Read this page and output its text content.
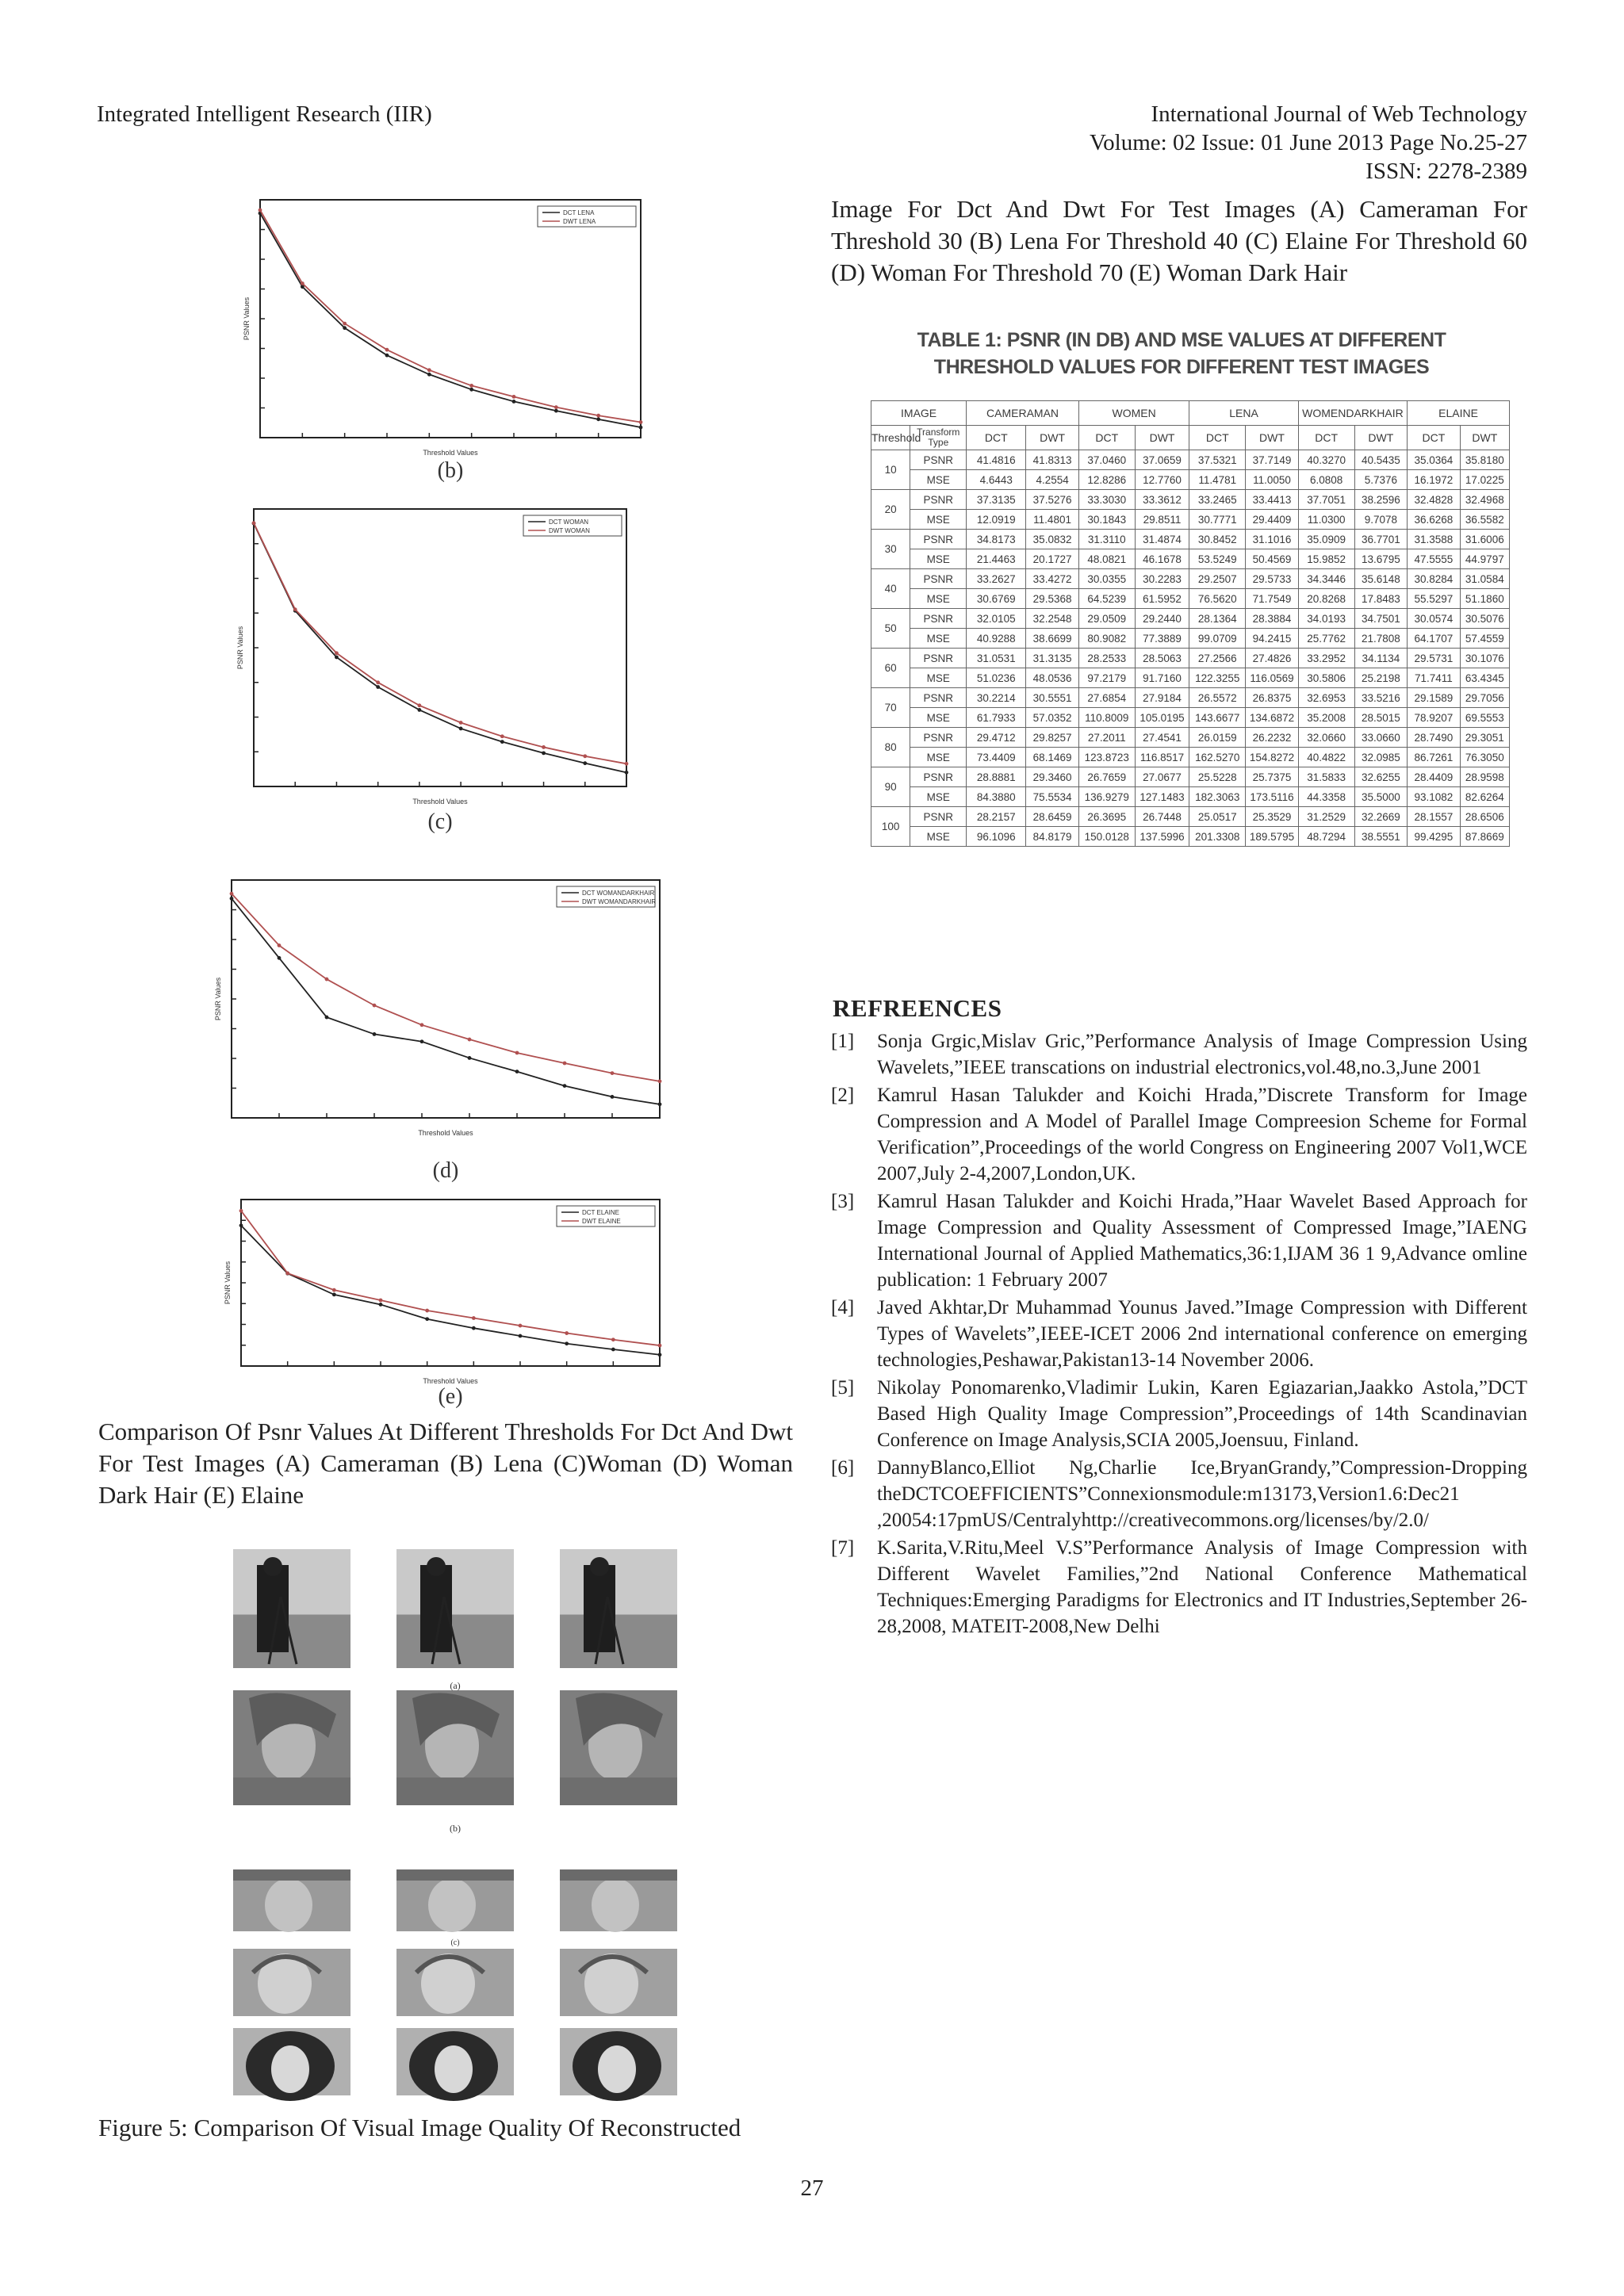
Integrated Intelligent Research (IIR)	International Journal of Web Technology
Volume: 02 Issue: 01 June 2013 Page No.25-27
ISSN: 2278-2389
Threshold Values
PSNR Values
DCT LENA
DWT LENA
(b)
Threshold Values
PSNR Values
DCT WOMAN
DWT WOMAN
(c)
Threshold Values
PSNR Values
DCT WOMANDARKHAIR
DWT WOMANDARKHAIR
(d)
Threshold Values
PSNR Values
DCT ELAINE
DWT ELAINE
(e)
Comparison Of Psnr Values At Different Thresholds For Dct And Dwt For Test Images (A) Cameraman (B) Lena (C)Woman (D) Woman Dark Hair (E) Elaine
(a)
(b)
(c)
Figure 5: Comparison Of Visual Image Quality Of Reconstructed
Image For Dct And Dwt For Test Images (A) Cameraman For Threshold 30 (B) Lena For Threshold 40 (C) Elaine For Threshold 60 (D) Woman For Threshold 70 (E) Woman Dark Hair
TABLE 1: PSNR (IN DB) AND MSE VALUES AT DIFFERENT
THRESHOLD VALUES FOR DIFFERENT TEST IMAGES
IMAGE		CAMERAMAN		WOMEN		LENA		WOMENDARKHAIR		ELAINE	
Threshold	Transform Type	DCT	DWT	DCT	DWT	DCT	DWT	DCT	DWT	DCT	DWT
10	PSNR	41.4816	41.8313	37.0460	37.0659	37.5321	37.7149	40.3270	40.5435	35.0364	35.8180
	MSE	4.6443	4.2554	12.8286	12.7760	11.4781	11.0050	6.0808	5.7376	16.1972	17.0225
20	PSNR	37.3135	37.5276	33.3030	33.3612	33.2465	33.4413	37.7051	38.2596	32.4828	32.4968
	MSE	12.0919	11.4801	30.1843	29.8511	30.7771	29.4409	11.0300	9.7078	36.6268	36.5582
30	PSNR	34.8173	35.0832	31.3110	31.4874	30.8452	31.1016	35.0909	36.7701	31.3588	31.6006
	MSE	21.4463	20.1727	48.0821	46.1678	53.5249	50.4569	15.9852	13.6795	47.5555	44.9797
40	PSNR	33.2627	33.4272	30.0355	30.2283	29.2507	29.5733	34.3446	35.6148	30.8284	31.0584
	MSE	30.6769	29.5368	64.5239	61.5952	76.5620	71.7549	20.8268	17.8483	55.5297	51.1860
50	PSNR	32.0105	32.2548	29.0509	29.2440	28.1364	28.3884	34.0193	34.7501	30.0574	30.5076
	MSE	40.9288	38.6699	80.9082	77.3889	99.0709	94.2415	25.7762	21.7808	64.1707	57.4559
60	PSNR	31.0531	31.3135	28.2533	28.5063	27.2566	27.4826	33.2952	34.1134	29.5731	30.1076
	MSE	51.0236	48.0536	97.2179	91.7160	122.3255	116.0569	30.5806	25.2198	71.7411	63.4345
70	PSNR	30.2214	30.5551	27.6854	27.9184	26.5572	26.8375	32.6953	33.5216	29.1589	29.7056
	MSE	61.7933	57.0352	110.8009	105.0195	143.6677	134.6872	35.2008	28.5015	78.9207	69.5553
80	PSNR	29.4712	29.8257	27.2011	27.4541	26.0159	26.2232	32.0660	33.0660	28.7490	29.3051
	MSE	73.4409	68.1469	123.8723	116.8517	162.5270	154.8272	40.4822	32.0985	86.7261	76.3050
90	PSNR	28.8881	29.3460	26.7659	27.0677	25.5228	25.7375	31.5833	32.6255	28.4409	28.9598
	MSE	84.3880	75.5534	136.9279	127.1483	182.3063	173.5116	44.3358	35.5000	93.1082	82.6264
100	PSNR	28.2157	28.6459	26.3695	26.7448	25.0517	25.3529	31.2529	32.2669	28.1557	28.6506
	MSE	96.1096	84.8179	150.0128	137.5996	201.3308	189.5795	48.7294	38.5551	99.4295	87.8669
REFREENCES
[1]	Sonja Grgic,Mislav Gric,”Performance Analysis of Image Compression Using Wavelets,”IEEE transcations on industrial electronics,vol.48,no.3,June 2001
[2]	Kamrul Hasan Talukder and Koichi Hrada,”Discrete Transform for Image Compression and A Model of Parallel Image Compreesion Scheme for Formal Verification”,Proceedings of the world Congress on Engineering 2007 Vol1,WCE 2007,July 2-4,2007,London,UK.
[3]	Kamrul Hasan Talukder and Koichi Hrada,”Haar Wavelet Based Approach for Image Compression and Quality Assessment of Compressed Image,”IAENG International Journal of Applied Mathematics,36:1,IJAM 36 1 9,Advance omline publication: 1 February 2007
[4]	Javed Akhtar,Dr Muhammad Younus Javed.”Image Compression with Different Types of Wavelets”,IEEE-ICET 2006 2nd international conference on emerging technologies,Peshawar,Pakistan13-14 November 2006.
[5]	Nikolay Ponomarenko,Vladimir Lukin, Karen Egiazarian,Jaakko Astola,”DCT Based High Quality Image Compression”,Proceedings of 14th Scandinavian Conference on Image Analysis,SCIA 2005,Joensuu, Finland.
[6]	DannyBlanco,Elliot Ng,Charlie Ice,BryanGrandy,”Compression-Dropping theDCTCOEFFICIENTS”Connexionsmodule:m13173,Version1.6:Dec21 ,20054:17pmUS/Centralyhttp://creativecommons.org/licenses/by/2.0/
[7]	K.Sarita,V.Ritu,Meel V.S”Performance Analysis of Image Compression with Different Wavelet Families,”2nd National Conference Mathematical Techniques:Emerging Paradigms for Electronics and IT Industries,September 26-28,2008, MATEIT-2008,New Delhi
27
